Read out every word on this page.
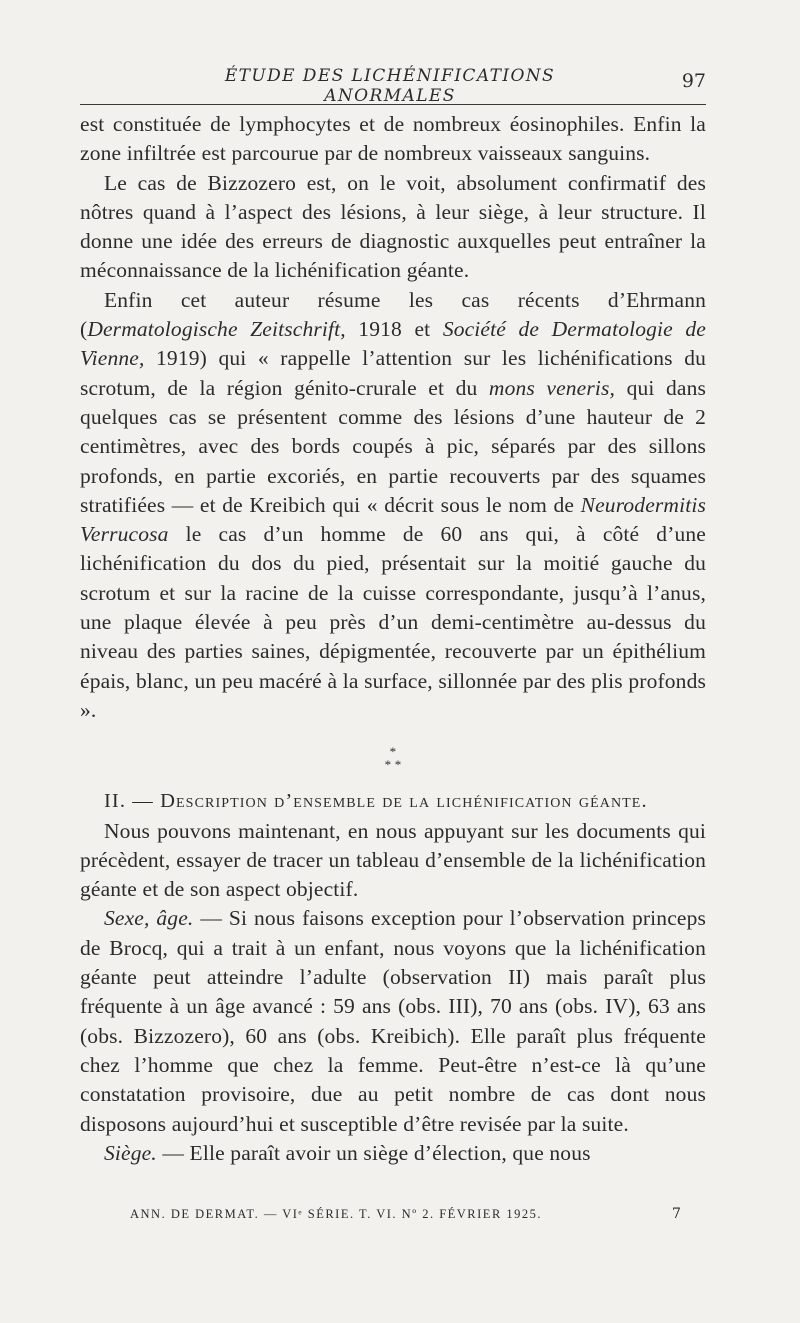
ÉTUDE DES LICHÉNIFICATIONS ANORMALES
97

est constituée de lymphocytes et de nombreux éosinophiles. Enfin la zone infiltrée est parcourue par de nombreux vaisseaux sanguins.

Le cas de Bizzozero est, on le voit, absolument confirmatif des nôtres quand à l’aspect des lésions, à leur siège, à leur structure. Il donne une idée des erreurs de diagnostic auxquelles peut entraîner la méconnaissance de la lichénification géante.

Enfin cet auteur résume les cas récents d’Ehrmann (Dermatologische Zeitschrift, 1918 et Société de Dermatologie de Vienne, 1919) qui « rappelle l’attention sur les lichénifications du scrotum, de la région génito-crurale et du mons veneris, qui dans quelques cas se présentent comme des lésions d’une hauteur de 2 centimètres, avec des bords coupés à pic, séparés par des sillons profonds, en partie excoriés, en partie recouverts par des squames stratifiées — et de Kreibich qui « décrit sous le nom de Neurodermitis Verrucosa le cas d’un homme de 60 ans qui, à côté d’une lichénification du dos du pied, présentait sur la moitié gauche du scrotum et sur la racine de la cuisse correspondante, jusqu’à l’anus, une plaque élevée à peu près d’un demi-centimètre au-dessus du niveau des parties saines, dépigmentée, recouverte par un épithélium épais, blanc, un peu macéré à la surface, sillonnée par des plis profonds ».

*
* *

II. — Description d’ensemble de la lichénification géante.

Nous pouvons maintenant, en nous appuyant sur les documents qui précèdent, essayer de tracer un tableau d’ensemble de la lichénification géante et de son aspect objectif.

Sexe, âge. — Si nous faisons exception pour l’observation princeps de Brocq, qui a trait à un enfant, nous voyons que la lichénification géante peut atteindre l’adulte (observation II) mais paraît plus fréquente à un âge avancé : 59 ans (obs. III), 70 ans (obs. IV), 63 ans (obs. Bizzozero), 60 ans (obs. Kreibich). Elle paraît plus fréquente chez l’homme que chez la femme. Peut-être n’est-ce là qu’une constatation provisoire, due au petit nombre de cas dont nous disposons aujourd’hui et susceptible d’être revisée par la suite.

Siège. — Elle paraît avoir un siège d’élection, que nous

ANN. DE DERMAT. — VIᵉ SÉRIE. T. VI. Nº 2. FÉVRIER 1925.	7
